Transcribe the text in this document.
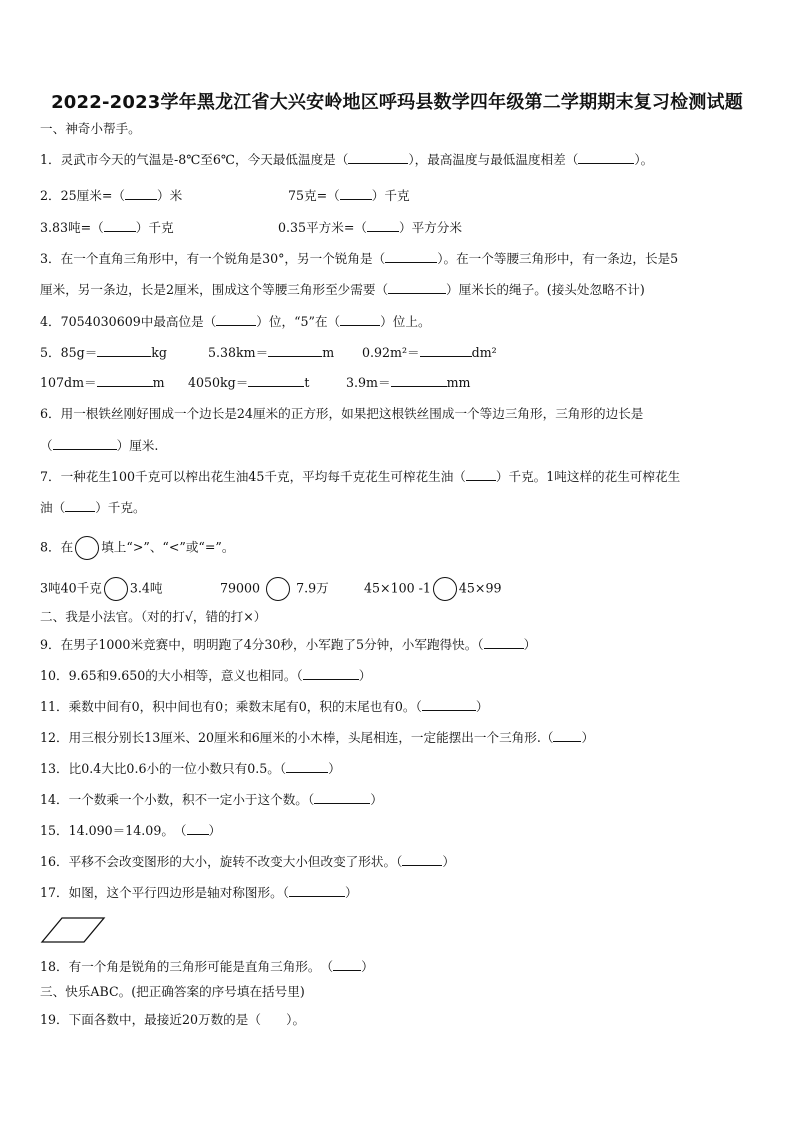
2022-2023学年黑龙江省大兴安岭地区呼玛县数学四年级第二学期期末复习检测试题
一、神奇小帮手。
1．灵武市今天的气温是-8℃至6℃，今天最低温度是（	），最高温度与最低温度相差（	）。
2．25厘米=（	）米	75克=（	）千克
3.83吨=（	）千克	0.35平方米=（	）平方分米
3．在一个直角三角形中，有一个锐角是30°，另一个锐角是（	）。在一个等腰三角形中，有一条边，长是5
厘米，另一条边，长是2厘米，围成这个等腰三角形至少需要（	）厘米长的绳子。(接头处忽略不计)
4．7054030609中最高位是（	）位，“5”在（	）位上。
5．85g＝	kg	5.38km＝	m 0.92m²＝	dm²
107dm＝	m 4050kg＝	t	3.9m＝	mm
6．用一根铁丝刚好围成一个边长是24厘米的正方形，如果把这根铁丝围成一个等边三角形，三角形的边长是
（	）厘米.
7．一种花生100千克可以榨出花生油45千克，平均每千克花生可榨花生油（ ）千克。1吨这样的花生可榨花生
油（ ）千克。
8．在 填上“>”、“<”或“=”。
3吨40千克 3.4吨	79000	7.9万	45×100 -1 45×99
二、我是小法官。（对的打√，错的打×）
9．在男子1000米竞赛中，明明跑了4分30秒，小军跑了5分钟，小军跑得快。（	）
10．9.65和9.650的大小相等，意义也相同。（	）
11．乘数中间有0，积中间也有0；乘数末尾有0，积的末尾也有0。（	）
12．用三根分别长13厘米、20厘米和6厘米的小木棒，头尾相连，一定能摆出一个三角形.（ ）
13．比0.4大比0.6小的一位小数只有0.5。（	）
14．一个数乘一个小数，积不一定小于这个数。（	）
15．14.090＝14.09。　（ ）
16．平移不会改变图形的大小，旋转不改变大小但改变了形状。（	）
17．如图，这个平行四边形是轴对称图形。（	）
18．有一个角是锐角的三角形可能是直角三角形。　（ ）
三、快乐ABC。(把正确答案的序号填在括号里)
19．下面各数中，最接近20万数的是（　　）。
